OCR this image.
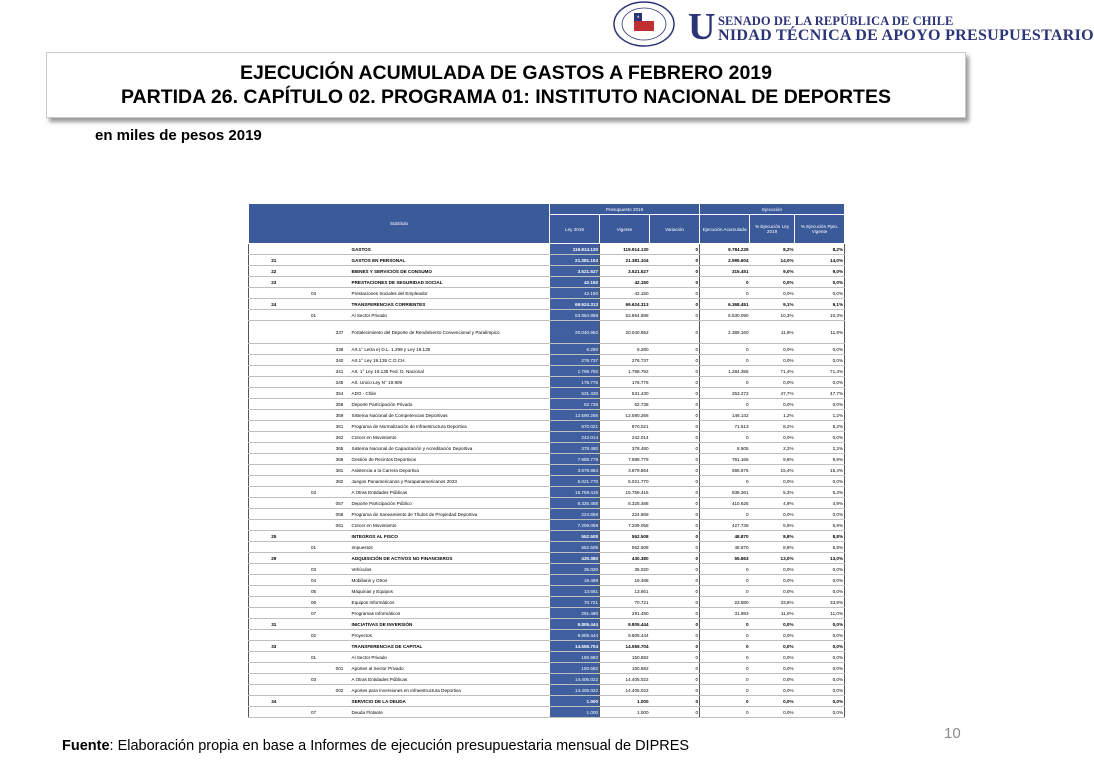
U SENADO DE LA REPÚBLICA DE CHILE
NIDAD TÉCNICA DE APOYO PRESUPUESTARIO
EJECUCIÓN ACUMULADA DE GASTOS A FEBRERO 2019
PARTIDA 26. CAPÍTULO 02. PROGRAMA 01: INSTITUTO NACIONAL DE DEPORTES
en miles de pesos 2019
Subtítulo				Presupuesto 2019			Ejecución		
				Ley 2019	Vigente	Variación	Ejecución Acumulada	% Ejecución Ley 2019	% Ejecución Ppto. Vigente

			GASTOS	119.914.130	119.914.130	0	9.784.239	8,2%	8,2%
21			GASTOS EN PERSONAL	21.381.104	21.381.104	0	2.995.604	14,0%	14,0%
22			BIENES Y SERVICIOS DE CONSUMO	3.521.527	3.521.527	0	315.451	9,0%	9,0%
23			PRESTACIONES DE SEGURIDAD SOCIAL	42.150	42.150	0	0	0,0%	0,0%
	03		Prestaciones Sociales del Empleador	42.150	42.150	0	0	0,0%	0,0%
24			TRANSFERENCIAS CORRIENTES	69.624.313	69.624.313	0	6.368.451	9,1%	9,1%
	01		Al Sector Privado	53.864.898	53.864.898	0	5.530.090	10,3%	10,3%
		337	Fortalecimiento del Deporte de Rendimiento Convencional y Paralímpico	20.040.952	20.040.952	0	2.389.160	11,9%	11,9%
		338	Art.1° Letra e) D.L. 1.298 y Ley 19.135	6.280	6.280	0	0	0,0%	0,0%
		340	Art.1° Ley 19.135 C.O.CH.	276.737	276.737	0	0	0,0%	0,0%
		341	Art. 1° Ley 19.135 Fed. D. Nacional	1.798.792	1.798.792	0	1.284.355	71,4%	71,4%
		345	Art. Unico Ley N° 19.909	176.775	176.775	0	0	0,0%	0,0%
		354	ADO - Chile	531.430	531.430	0	253.273	47,7%	47,7%
		358	Deporte Participación Privado	62.738	62.738	0	0	0,0%	0,0%
		359	Sistema Nacional de Competencias Deportivas	12.590.266	12.590.266	0	146.142	1,2%	1,2%
		361	Programa de Normalización de Infraestructura Deportiva	870.021	870.021	0	71.613	8,2%	8,2%
		362	Crecer en Movimiento	242.014	242.014	0	0	0,0%	0,0%
		365	Sistema Nacional de Capacitación y Acreditación Deportiva	378.480	378.480	0	8.505	2,2%	2,2%
		368	Gestión de Recintos Deportivos	7.988.779	7.988.779	0	781.166	9,8%	9,8%
		381	Asistencia a la Carrera Deportiva	3.879.864	3.879.864	0	595.876	15,4%	15,4%
		382	Juegos Panamericanos y Parapanamericanos 2023	5.021.770	5.021.770	0	0	0,0%	0,0%
	03		A Otras Entidades Públicas	15.759.415	15.759.415	0	838.361	5,3%	5,3%
		057	Deporte Participación Público	8.325.488	8.325.488	0	410.625	4,9%	4,9%
		058	Programa de Saneamiento de Títulos de Propiedad Deportiva	224.869	224.869	0	0	0,0%	0,0%
		061	Crecer en Movimiento	7.209.058	7.209.058	0	427.736	5,9%	5,9%
25			INTEGROS AL FISCO	552.508	552.508	0	48.870	8,8%	8,8%
	01		Impuestos	552.508	552.508	0	48.870	8,8%	8,8%
29			ADQUISICIÓN DE ACTIVOS NO FINANCIEROS	430.380	430.380	0	55.863	13,0%	13,0%
	03		Vehículos	35.020	35.020	0	0	0,0%	0,0%
	04		Mobiliario y Otros	19.488	19.488	0	0	0,0%	0,0%
	05		Máquinas y Equipos	13.661	13.661	0	0	0,0%	0,0%
	06		Equipos Informáticos	70.721	70.721	0	23.880	33,8%	33,8%
	07		Programas Informáticos	291.490	291.490	0	31.983	11,0%	11,0%
31			INICIATIVAS DE INVERSIÓN	9.805.444	9.805.444	0	0	0,0%	0,0%
	02		Proyectos	9.805.444	9.805.444	0	0	0,0%	0,0%
33			TRANSFERENCIAS DE CAPITAL	14.555.704	14.555.704	0	0	0,0%	0,0%
	01		Al Sector Privado	150.682	150.682	0	0	0,0%	0,0%
		001	Aportes al Sector Privado	150.682	150.682	0	0	0,0%	0,0%
	03		A Otras Entidades Públicas	14.405.022	14.405.022	0	0	0,0%	0,0%
		002	Aportes para Inversiones en Infraestructura Deportiva	14.405.022	14.405.022	0	0	0,0%	0,0%
34			SERVICIO DE LA DEUDA	1.000	1.000	0	0	0,0%	0,0%
	07		Deuda Flotante	1.000	1.000	0	0	0,0%	0,0%
10
Fuente: Elaboración propia en base a Informes de ejecución presupuestaria mensual de DIPRES
